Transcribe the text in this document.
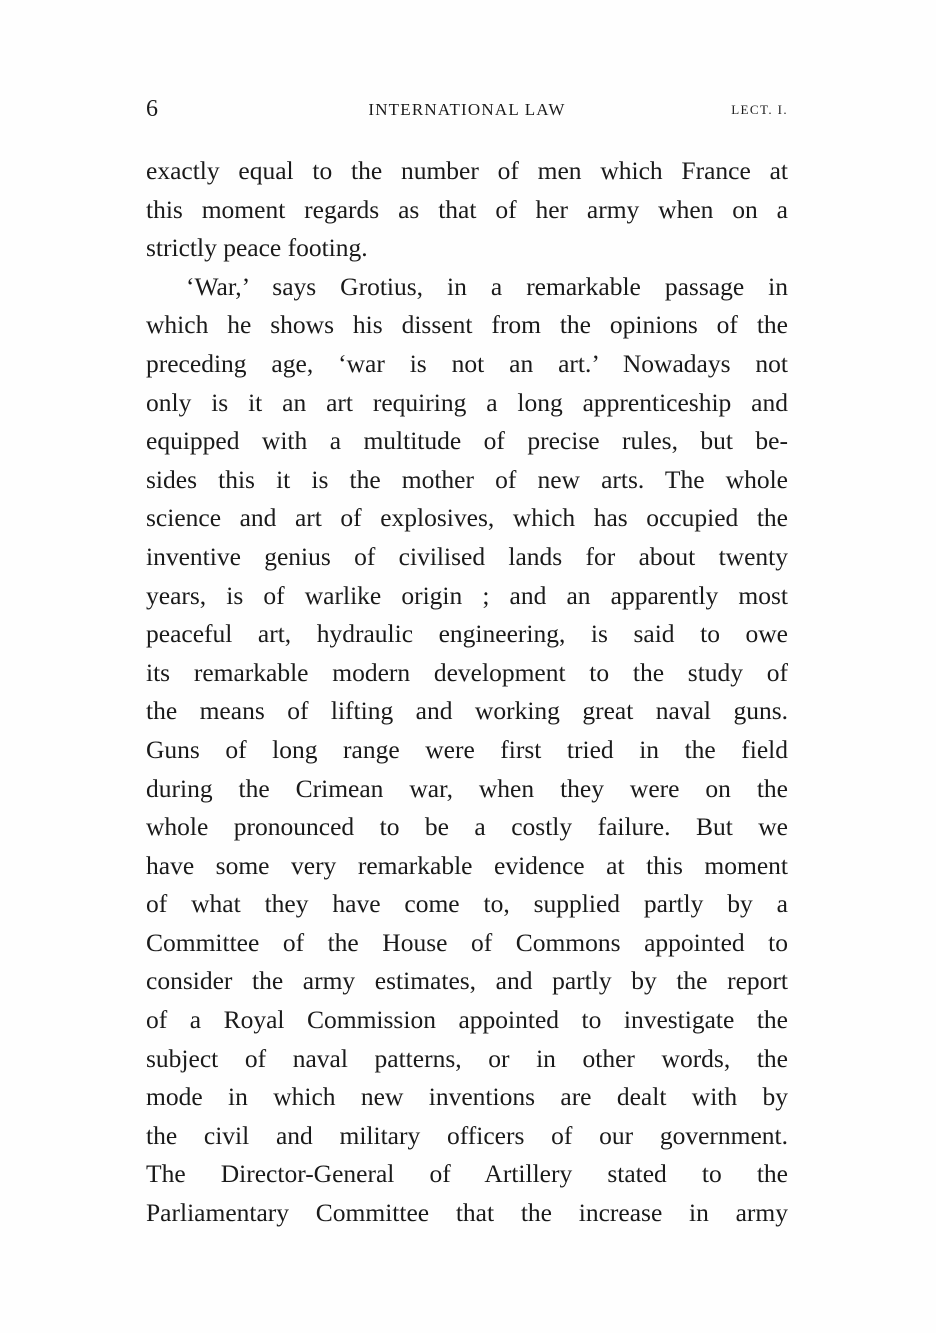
6	INTERNATIONAL LAW	LECT. I.
exactly equal to the number of men which France at
this moment regards as that of her army when on a
strictly peace footing.
‘War,’ says Grotius, in a remarkable passage in
which he shows his dissent from the opinions of the
preceding age, ‘war is not an art.’ Nowadays not
only is it an art requiring a long apprenticeship and
equipped with a multitude of precise rules, but be-
sides this it is the mother of new arts. The whole
science and art of explosives, which has occupied the
inventive genius of civilised lands for about twenty
years, is of warlike origin ; and an apparently most
peaceful art, hydraulic engineering, is said to owe
its remarkable modern development to the study of
the means of lifting and working great naval guns.
Guns of long range were first tried in the field
during the Crimean war, when they were on the
whole pronounced to be a costly failure. But we
have some very remarkable evidence at this moment
of what they have come to, supplied partly by a
Committee of the House of Commons appointed to
consider the army estimates, and partly by the report
of a Royal Commission appointed to investigate the
subject of naval patterns, or in other words, the
mode in which new inventions are dealt with by
the civil and military officers of our government.
The Director-General of Artillery stated to the
Parliamentary Committee that the increase in army
